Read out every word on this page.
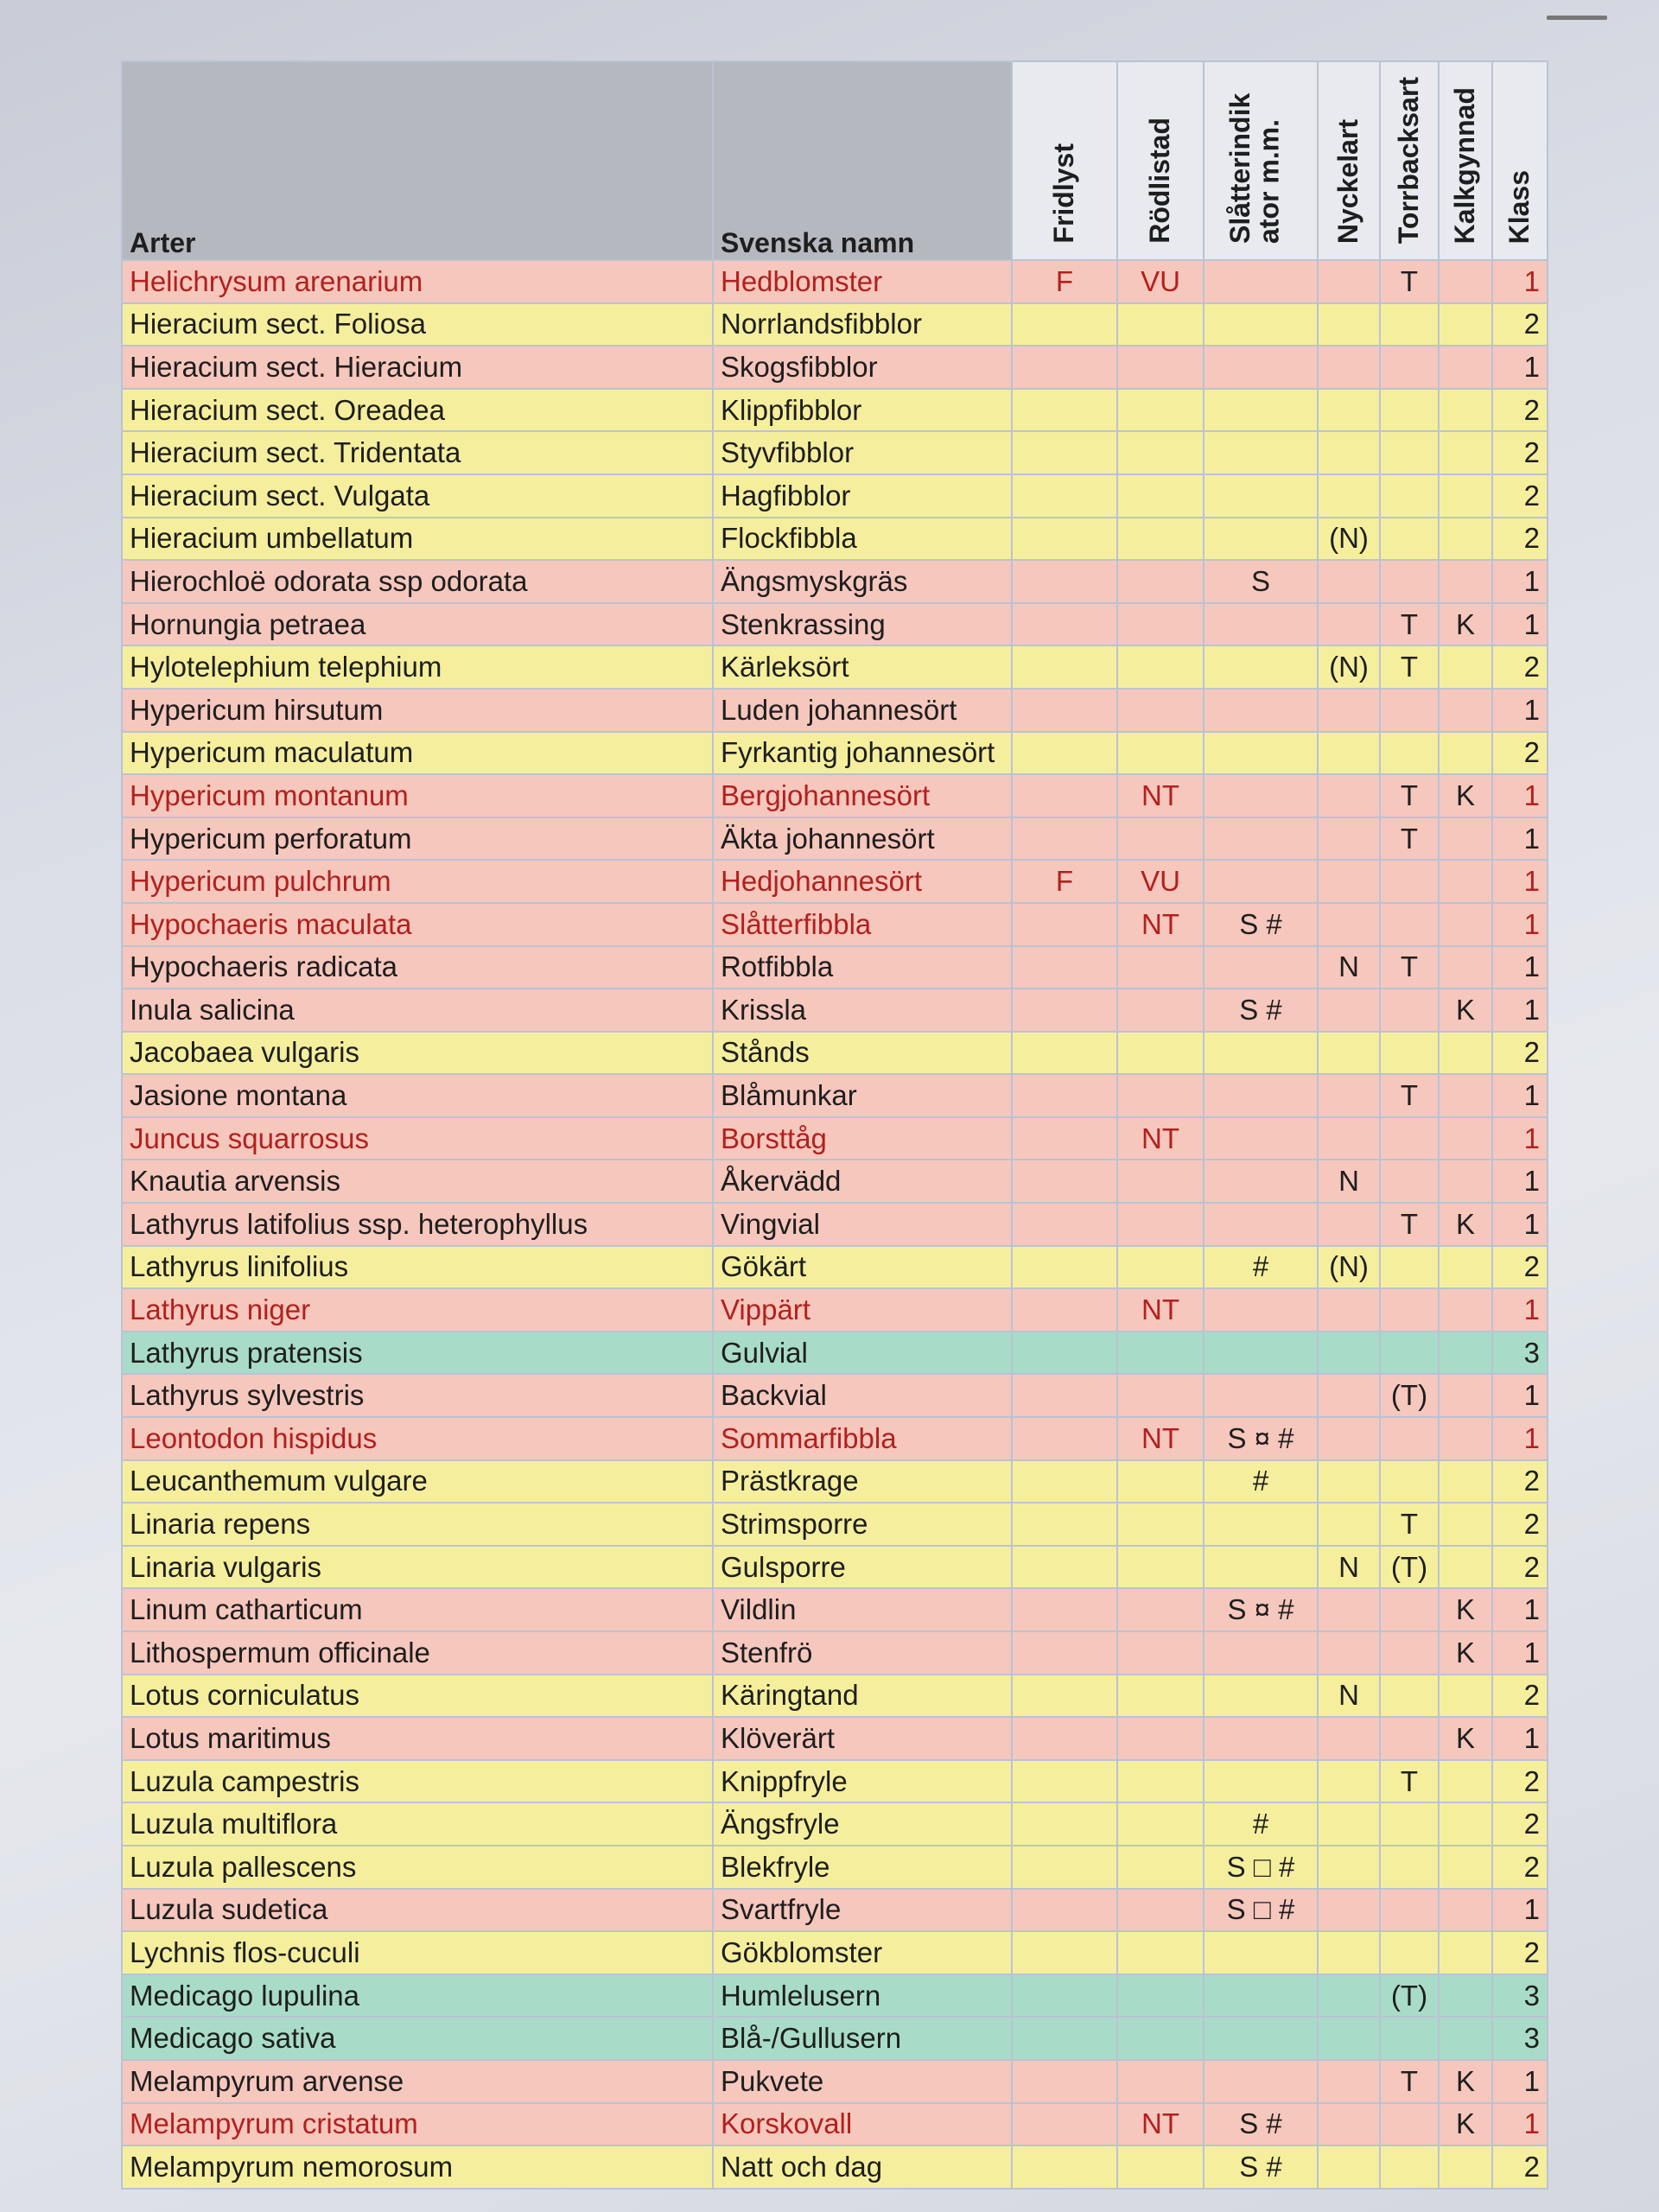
Arter	Svenska namn	Fridlyst	Rödlistad	Slåtterindik ator m.m.	Nyckelart	Torrbacksart	Kalkgynnad	Klass
Helichrysum arenarium	Hedblomster	F	VU			T		1
Hieracium sect. Foliosa	Norrlandsfibblor							2
Hieracium sect. Hieracium	Skogsfibblor							1
Hieracium sect. Oreadea	Klippfibblor							2
Hieracium sect. Tridentata	Styvfibblor							2
Hieracium sect. Vulgata	Hagfibblor							2
Hieracium umbellatum	Flockfibbla				(N)			2
Hierochloë odorata ssp odorata	Ängsmyskgräs			S				1
Hornungia petraea	Stenkrassing					T	K	1
Hylotelephium telephium	Kärleksört				(N)	T		2
Hypericum hirsutum	Luden johannesört							1
Hypericum maculatum	Fyrkantig johannesört							2
Hypericum montanum	Bergjohannesört		NT			T	K	1
Hypericum perforatum	Äkta johannesört					T		1
Hypericum pulchrum	Hedjohannesört	F	VU					1
Hypochaeris maculata	Slåtterfibbla		NT	S #				1
Hypochaeris radicata	Rotfibbla				N	T		1
Inula salicina	Krissla			S #			K	1
Jacobaea vulgaris	Stånds							2
Jasione montana	Blåmunkar					T		1
Juncus squarrosus	Borsttåg		NT					1
Knautia arvensis	Åkervädd				N			1
Lathyrus latifolius ssp. heterophyllus	Vingvial					T	K	1
Lathyrus linifolius	Gökärt			#	(N)			2
Lathyrus niger	Vippärt		NT					1
Lathyrus pratensis	Gulvial							3
Lathyrus sylvestris	Backvial					(T)		1
Leontodon hispidus	Sommarfibbla		NT	S ¤ #				1
Leucanthemum vulgare	Prästkrage			#				2
Linaria repens	Strimsporre					T		2
Linaria vulgaris	Gulsporre				N	(T)		2
Linum catharticum	Vildlin			S ¤ #			K	1
Lithospermum officinale	Stenfrö						K	1
Lotus corniculatus	Käringtand				N			2
Lotus maritimus	Klöverärt						K	1
Luzula campestris	Knippfryle					T		2
Luzula multiflora	Ängsfryle			#				2
Luzula pallescens	Blekfryle			S □ #				2
Luzula sudetica	Svartfryle			S □ #				1
Lychnis flos-cuculi	Gökblomster							2
Medicago lupulina	Humlelusern					(T)		3
Medicago sativa	Blå-/Gullusern							3
Melampyrum arvense	Pukvete					T	K	1
Melampyrum cristatum	Korskovall		NT	S #			K	1
Melampyrum nemorosum	Natt och dag			S #				2
